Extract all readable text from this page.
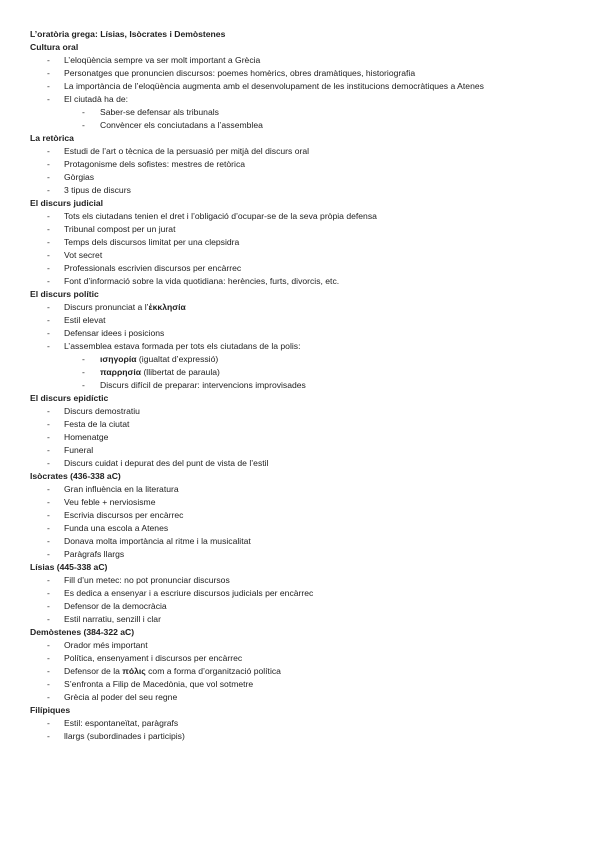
L’oratòria grega: Lísias, Isòcrates i Demòstenes
Cultura oral
-	L’eloqüència sempre va ser molt important a Grècia
-	Personatges que pronuncien discursos: poemes homèrics, obres dramàtiques, historiografia
-	La importància de l’eloqüència augmenta amb el desenvolupament de les institucions democràtiques a Atenes
-	El ciutadà ha de:
-	Saber-se defensar als tribunals
-	Convèncer els conciutadans a l’assemblea
La retòrica
-	Estudi de l’art o tècnica de la persuasió per mitjà del discurs oral
-	Protagonisme dels sofistes: mestres de retòrica
-	Gòrgias
-	3 tipus de discurs
El discurs judicial
-	Tots els ciutadans tenien el dret i l’obligació d’ocupar-se de la seva pròpia defensa
-	Tribunal compost per un jurat
-	Temps dels discursos limitat per una clepsidra
-	Vot secret
-	Professionals escrivien discursos per encàrrec
-	Font d’informació sobre la vida quotidiana: herències, furts, divorcis, etc.
El discurs polític
-	Discurs pronunciat a l’ἐκκλησία
-	Estil elevat
-	Defensar idees i posicions
-	L’assemblea estava formada per tots els ciutadans de la polis:
-	ισηγορία (igualtat d’expressió)
-	παρρησία (llibertat de paraula)
-	Discurs difícil de preparar: intervencions improvisades
El discurs epidíctic
-	Discurs demostratiu
-	Festa de la ciutat
-	Homenatge
-	Funeral
-	Discurs cuidat i depurat des del punt de vista de l’estil
Isòcrates (436-338 aC)
-	Gran influència en la literatura
-	Veu feble + nerviosisme
-	Escrivia discursos per encàrrec
-	Funda una escola a Atenes
-	Donava molta importància al ritme i la musicalitat
-	Paràgrafs llargs
Lísias (445-338 aC)
-	Fill d’un metec: no pot pronunciar discursos
-	Es dedica a ensenyar i a escriure discursos judicials per encàrrec
-	Defensor de la democràcia
-	Estil narratiu, senzill i clar
Demòstenes (384-322 aC)
-	Orador més important
-	Política, ensenyament i discursos per encàrrec
-	Defensor de la πόλις com a forma d’organització política
-	S’enfronta a Filip de Macedònia, que vol sotmetre
-	Grècia al poder del seu regne
Filípiques
-	Estil: espontaneïtat, paràgrafs
-	llargs (subordinades i participis)
